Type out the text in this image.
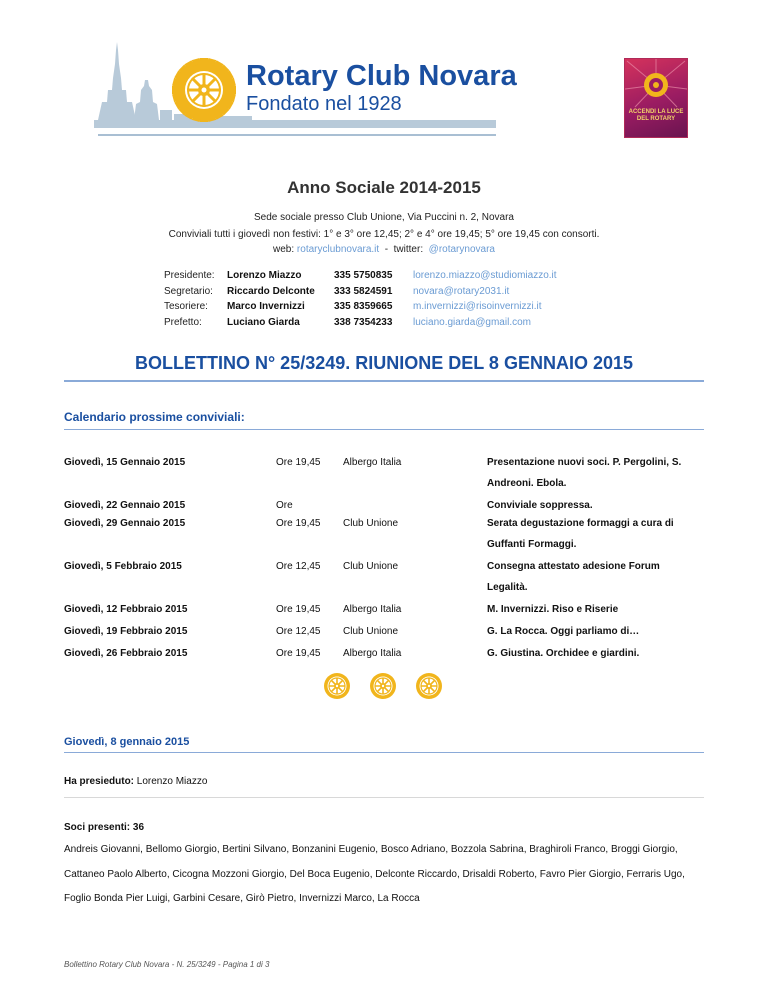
Rotary Club Novara
Fondato nel 1928	ACCENDI LA LUCE DEL ROTARY
Anno Sociale 2014-2015
Sede sociale presso Club Unione, Via Puccini n. 2, Novara
Conviviali tutti i giovedì non festivi: 1° e 3° ore 12,45; 2° e 4° ore 19,45; 5° ore 19,45 con consorti.
web: rotaryclubnovara.it - twitter: @rotarynovara
Presidente:	Lorenzo Miazzo	335 5750835	lorenzo.miazzo@studiomiazzo.it
Segretario:	Riccardo Delconte	333 5824591	novara@rotary2031.it
Tesoriere:	Marco Invernizzi	335 8359665	m.invernizzi@risoinvernizzi.it
Prefetto:	Luciano Giarda	338 7354233	luciano.giarda@gmail.com
BOLLETTINO N° 25/3249. RIUNIONE DEL 8 GENNAIO 2015
Calendario prossime conviviali:
Giovedì, 15 Gennaio 2015	Ore 19,45 Albergo Italia	Presentazione nuovi soci. P. Pergolini, S. Andreoni. Ebola.
Giovedì, 22 Gennaio 2015	Ore	Conviviale soppressa.
Giovedì, 29 Gennaio 2015	Ore 19,45 Club Unione	Serata degustazione formaggi a cura di Guffanti Formaggi.
Giovedì, 5 Febbraio 2015	Ore 12,45 Club Unione	Consegna attestato adesione Forum Legalità.
Giovedì, 12 Febbraio 2015	Ore 19,45 Albergo Italia	M. Invernizzi. Riso e Riserie
Giovedì, 19 Febbraio 2015	Ore 12,45 Club Unione	G. La Rocca. Oggi parliamo di…
Giovedì, 26 Febbraio 2015	Ore 19,45 Albergo Italia	G. Giustina. Orchidee e giardini.
Giovedì, 8 gennaio 2015
Ha presieduto: Lorenzo Miazzo
Soci presenti: 36
Andreis Giovanni, Bellomo Giorgio, Bertini Silvano, Bonzanini Eugenio, Bosco Adriano, Bozzola Sabrina, Braghiroli Franco, Broggi Giorgio, Cattaneo Paolo Alberto, Cicogna Mozzoni Giorgio, Del Boca Eugenio, Delconte Riccardo, Drisaldi Roberto, Favro Pier Giorgio, Ferraris Ugo, Foglio Bonda Pier Luigi, Garbini Cesare, Girò Pietro, Invernizzi Marco, La Rocca
Bollettino Rotary Club Novara - N. 25/3249 - Pagina 1 di 3
